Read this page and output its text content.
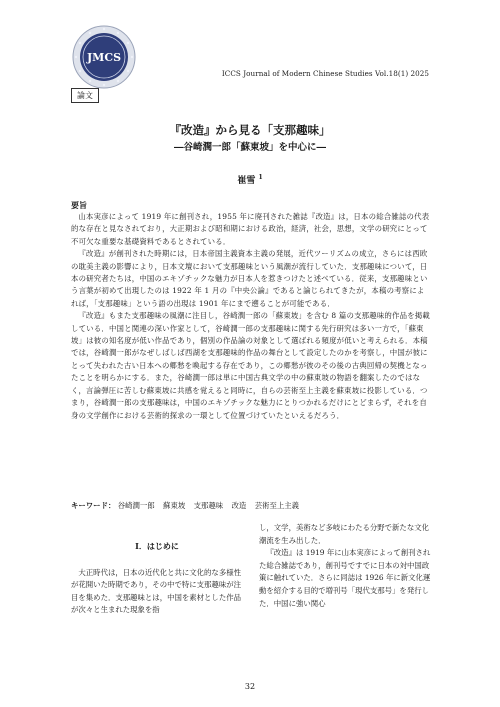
JMCS
ICCS Journal of Modern Chinese Studies Vol.18(1) 2025
論文
『改造』から見る「支那趣味」
―谷崎潤一郎「蘇東坡」を中心に―
崔雪 $^1$
要旨

山本実彦によって 1919 年に創刊され，1955 年に廃刊された雑誌『改造』は，日本の総合雑誌の代表的な存在と見なされており，大正期および昭和期における政治，経済，社会，思想，文学の研究にとって不可欠な重要な基礎資料であるとされている．

『改造』が創刊された時期には，日本帝国主義資本主義の発展，近代ツーリズムの成立，さらには西欧の耽美主義の影響により，日本文壇において支那趣味という風潮が流行していた．支那趣味について，日本の研究者たちは，中国のエキゾチックな魅力が日本人を惹きつけたと述べている．従来，支那趣味という言葉が初めて出現したのは 1922 年 1 月の『中央公論』であると論じられてきたが，本稿の考察によれば，「支那趣味」という語の出現は 1901 年にまで遡ることが可能である．

『改造』もまた支那趣味の風潮に注目し，谷崎潤一郎の「蘇東坡」を含む 8 篇の支那趣味的作品を掲載している．中国と関連の深い作家として，谷崎潤一郎の支那趣味に関する先行研究は多い一方で，「蘇東坡」は彼の知名度が低い作品であり，個別の作品論の対象として選ばれる頻度が低いと考えられる．本稿では，谷崎潤一郎がなぜしばしば西湖を支那趣味的作品の舞台として設定したのかを考察し，中国が彼にとって失われた古い日本への郷愁を喚起する存在であり，この郷愁が彼のその後の古典回帰の契機となったことを明らかにする．また，谷崎潤一郎は単に中国古典文学の中の蘇東坡の物語を翻案したのではなく，言論弾圧に苦しむ蘇東坡に共感を覚えると同時に，自らの芸術至上主義を蘇東坡に投影している．つまり，谷崎潤一郎の支那趣味は，中国のエキゾチックな魅力にとりつかれるだけにとどまらず，それを自身の文学創作における芸術的探求の一環として位置づけていたといえるだろう．

キーワード： 谷崎潤一郎 蘇東坡 支那趣味 改造 芸術至上主義
Ⅰ．はじめに

大正時代は，日本の近代化と共に文化的な多様性が花開いた時期であり，その中で特に支那趣味が注目を集めた．支那趣味とは，中国を素材とした作品が次々と生まれた現象を指

し，文学，美術など多岐にわたる分野で新たな文化潮流を生み出した．

『改造』は 1919 年に山本実彦によって創刊された総合雑誌であり，創刊号ですでに日本の対中国政策に触れていた．さらに同誌は 1926 年に新文化運動を紹介する目的で増刊号「現代支那号」を発行した．中国に強い関心

32
